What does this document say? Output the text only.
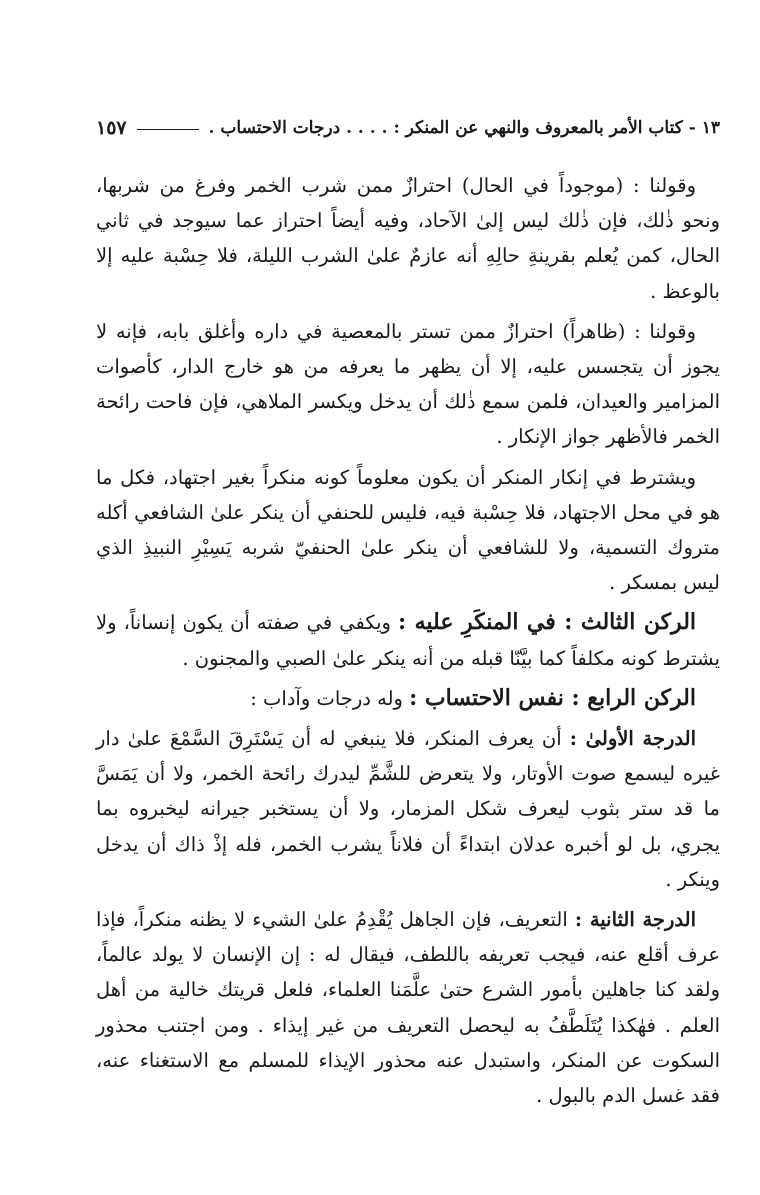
١٣ - كتاب الأمر بالمعروف والنهي عن المنكر : . . . . درجات الاحتساب .
١٥٧

وقولنا : (موجوداً في الحال) احترازٌ ممن شرب الخمر وفرغ من شربها، ونحو ذٰلك، فإن ذٰلك ليس إلىٰ الآحاد، وفيه أيضاً احتراز عما سيوجد في ثاني الحال، كمن يُعلم بقرينةِ حالِهِ أنه عازمٌ علىٰ الشرب الليلة، فلا حِسْبة عليه إلا بالوعظ .

وقولنا : (ظاهراً) احترازٌ ممن تستر بالمعصية في داره وأغلق بابه، فإنه لا يجوز أن يتجسس عليه، إلا أن يظهر ما يعرفه من هو خارج الدار، كأصوات المزامير والعيدان، فلمن سمع ذٰلك أن يدخل ويكسر الملاهي، فإن فاحت رائحة الخمر فالأظهر جواز الإنكار .

ويشترط في إنكار المنكر أن يكون معلوماً كونه منكراً بغير اجتهاد، فكل ما هو في محل الاجتهاد، فلا حِسْبة فيه، فليس للحنفي أن ينكر علىٰ الشافعي أكله متروك التسمية، ولا للشافعي أن ينكر علىٰ الحنفيّ شربه يَسِيْرِ النبيذِ الذي ليس بمسكر .

الركن الثالث : في المنكَرِ عليه : ويكفي في صفته أن يكون إنساناً، ولا يشترط كونه مكلفاً كما بيَّنّا قبله من أنه ينكر علىٰ الصبي والمجنون .

الركن الرابع : نفس الاحتساب : وله درجات وآداب :

الدرجة الأولىٰ : أن يعرف المنكر، فلا ينبغي له أن يَسْتَرِقَ السَّمْعَ علىٰ دار غيره ليسمع صوت الأوتار، ولا يتعرض للشَّمِّ ليدرك رائحة الخمر، ولا أن يَمَسَّ ما قد ستر بثوب ليعرف شكل المزمار، ولا أن يستخبر جيرانه ليخبروه بما يجري، بل لو أخبره عدلان ابتداءً أن فلاناً يشرب الخمر، فله إذْ ذاك أن يدخل وينكر .

الدرجة الثانية : التعريف، فإن الجاهل يُقْدِمُ علىٰ الشيء لا يظنه منكراً، فإذا عرف أقلع عنه، فيجب تعريفه باللطف، فيقال له : إن الإنسان لا يولد عالماً، ولقد كنا جاهلين بأمور الشرع حتىٰ علَّمَنا العلماء، فلعل قريتك خالية من أهل العلم . فهٰكذا يُتَلَطَّفُ به ليحصل التعريف من غير إيذاء . ومن اجتنب محذور السكوت عن المنكر، واستبدل عنه محذور الإيذاء للمسلم مع الاستغناء عنه، فقد غسل الدم بالبول .
